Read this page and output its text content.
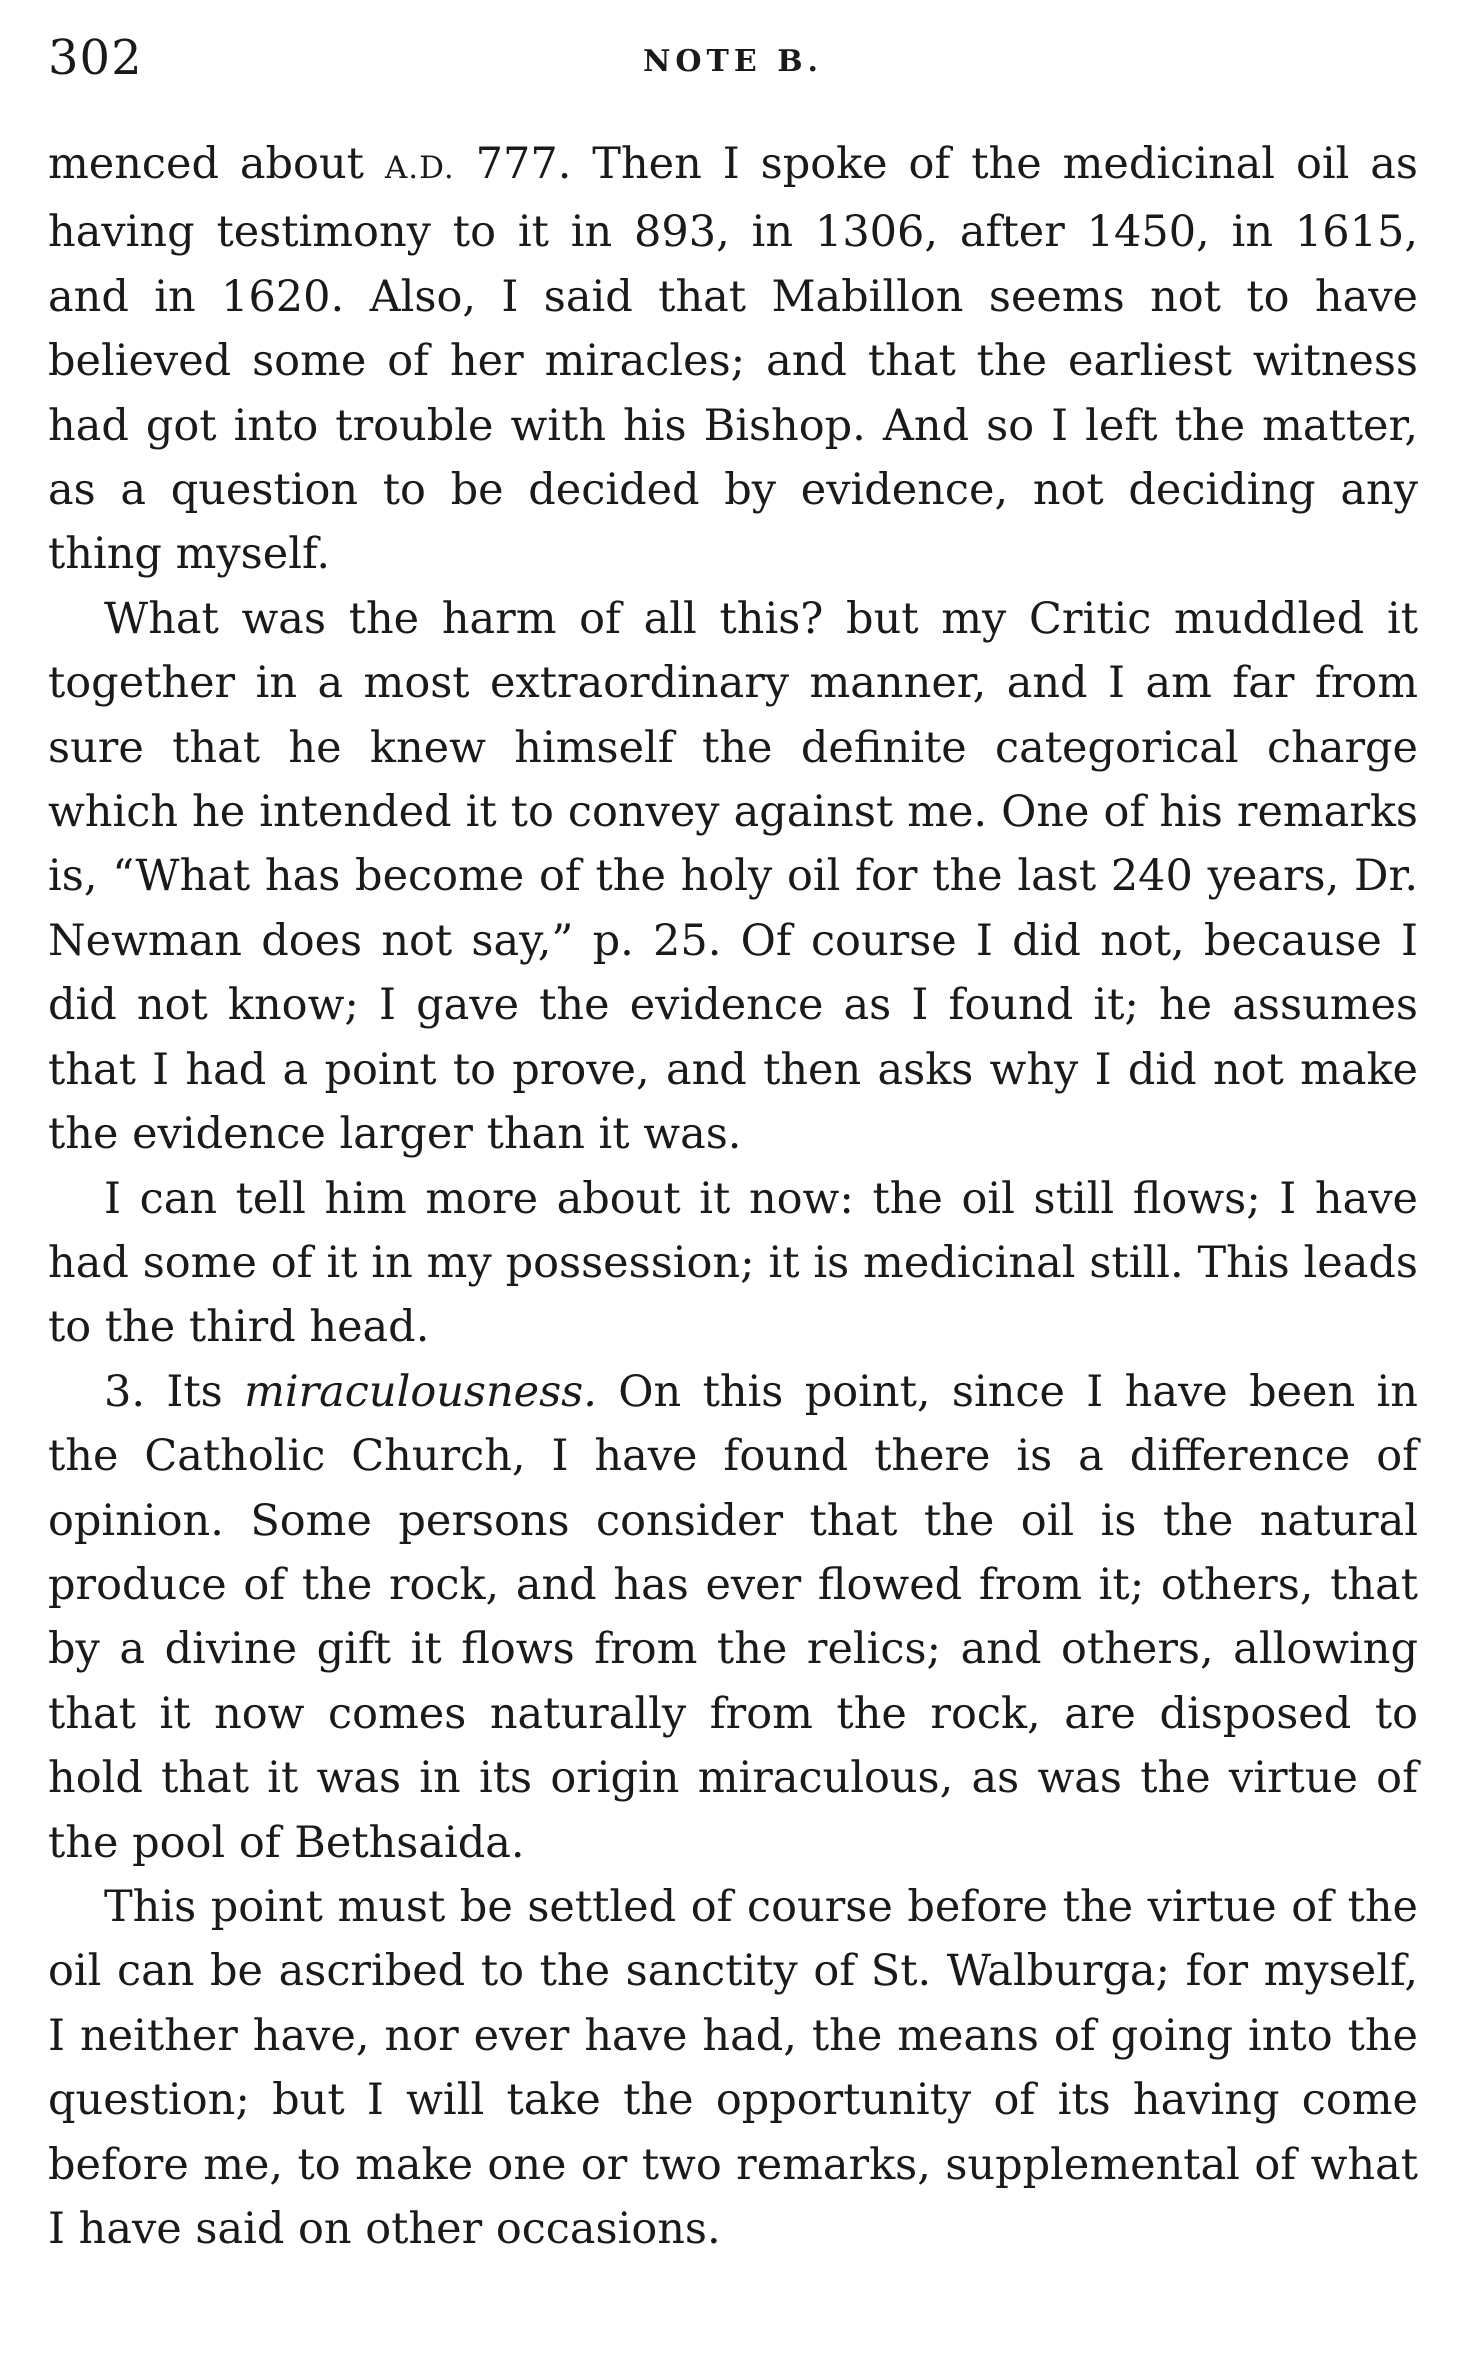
302	NOTE B.

menced about A.D. 777. Then I spoke of the medicinal oil as having testimony to it in 893, in 1306, after 1450, in 1615, and in 1620. Also, I said that Mabillon seems not to have believed some of her miracles; and that the earliest witness had got into trouble with his Bishop. And so I left the matter, as a question to be decided by evidence, not deciding any thing myself.

What was the harm of all this? but my Critic muddled it together in a most extraordinary manner, and I am far from sure that he knew himself the definite categorical charge which he intended it to convey against me. One of his remarks is, “What has become of the holy oil for the last 240 years, Dr. Newman does not say,” p. 25. Of course I did not, because I did not know; I gave the evidence as I found it; he assumes that I had a point to prove, and then asks why I did not make the evidence larger than it was.

I can tell him more about it now: the oil still flows; I have had some of it in my possession; it is medicinal still. This leads to the third head.

3. Its miraculousness. On this point, since I have been in the Catholic Church, I have found there is a difference of opinion. Some persons consider that the oil is the natural produce of the rock, and has ever flowed from it; others, that by a divine gift it flows from the relics; and others, allowing that it now comes naturally from the rock, are disposed to hold that it was in its origin miraculous, as was the virtue of the pool of Bethsaida.

This point must be settled of course before the virtue of the oil can be ascribed to the sanctity of St. Walburga; for myself, I neither have, nor ever have had, the means of going into the question; but I will take the opportunity of its having come before me, to make one or two remarks, supplemental of what I have said on other occasions.
